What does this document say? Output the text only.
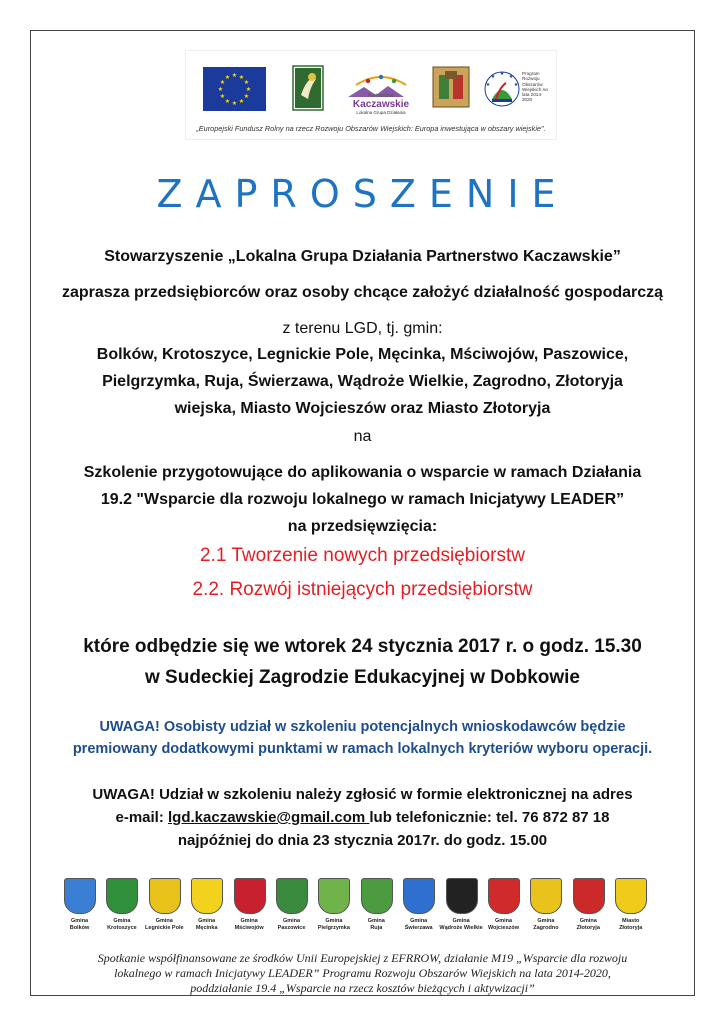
★ ★
★
★
★
★
★
★
★
★
★
★
Partnerstwo
Kaczawskie
Lokalna Grupa Działania
★ ★
★
★
★
Program Rozwoju Obszarów Wiejskich na lata 2014-2020
„Europejski Fundusz Rolny na rzecz Rozwoju Obszarów Wiejskich: Europa inwestująca w obszary wiejskie".
ZAPROSZENIE
Stowarzyszenie „Lokalna Grupa Działania Partnerstwo Kaczawskie”
zaprasza przedsiębiorców oraz osoby chcące założyć działalność gospodarczą
z terenu LGD, tj. gmin:
Bolków, Krotoszyce, Legnickie Pole, Męcinka, Mściwojów, Paszowice,
Pielgrzymka, Ruja, Świerzawa, Wądroże Wielkie, Zagrodno, Złotoryja
wiejska, Miasto Wojcieszów oraz Miasto Złotoryja
na
Szkolenie przygotowujące do aplikowania o wsparcie w ramach Działania
19.2 "Wsparcie dla rozwoju lokalnego w ramach Inicjatywy LEADER”
na przedsięwzięcia:
2.1 Tworzenie nowych przedsiębiorstw
2.2. Rozwój istniejących przedsiębiorstw
które odbędzie się we wtorek 24 stycznia 2017 r. o godz. 15.30
w Sudeckiej Zagrodzie Edukacyjnej w Dobkowie
UWAGA! Osobisty udział w szkoleniu potencjalnych wnioskodawców będzie
premiowany dodatkowymi punktami w ramach lokalnych kryteriów wyboru operacji.
UWAGA! Udział w szkoleniu należy zgłosić w formie elektronicznej na adres
e-mail: lgd.kaczawskie@gmail.com lub telefonicznie: tel. 76 872 87 18
najpóźniej do dnia 23 stycznia 2017r. do godz. 15.00
Gmina
Bolków
Gmina
Krotoszyce
Gmina
Legnickie Pole
Gmina
Męcinka
Gmina
Mściwojów
Gmina
Paszowice
Gmina
Pielgrzymka
Gmina
Ruja
Gmina
Świerzawa
Gmina
Wądroże Wielkie
Gmina
Wojcieszów
Gmina
Zagrodno
Gmina
Złotoryja
Miasto
Złotoryja
Spotkanie współfinansowane ze środków Unii Europejskiej z EFRROW, działanie M19 „Wsparcie dla rozwoju
lokalnego w ramach Inicjatywy LEADER” Programu Rozwoju Obszarów Wiejskich na lata 2014-2020,
poddziałanie 19.4 „Wsparcie na rzecz kosztów bieżących i aktywizacji”
